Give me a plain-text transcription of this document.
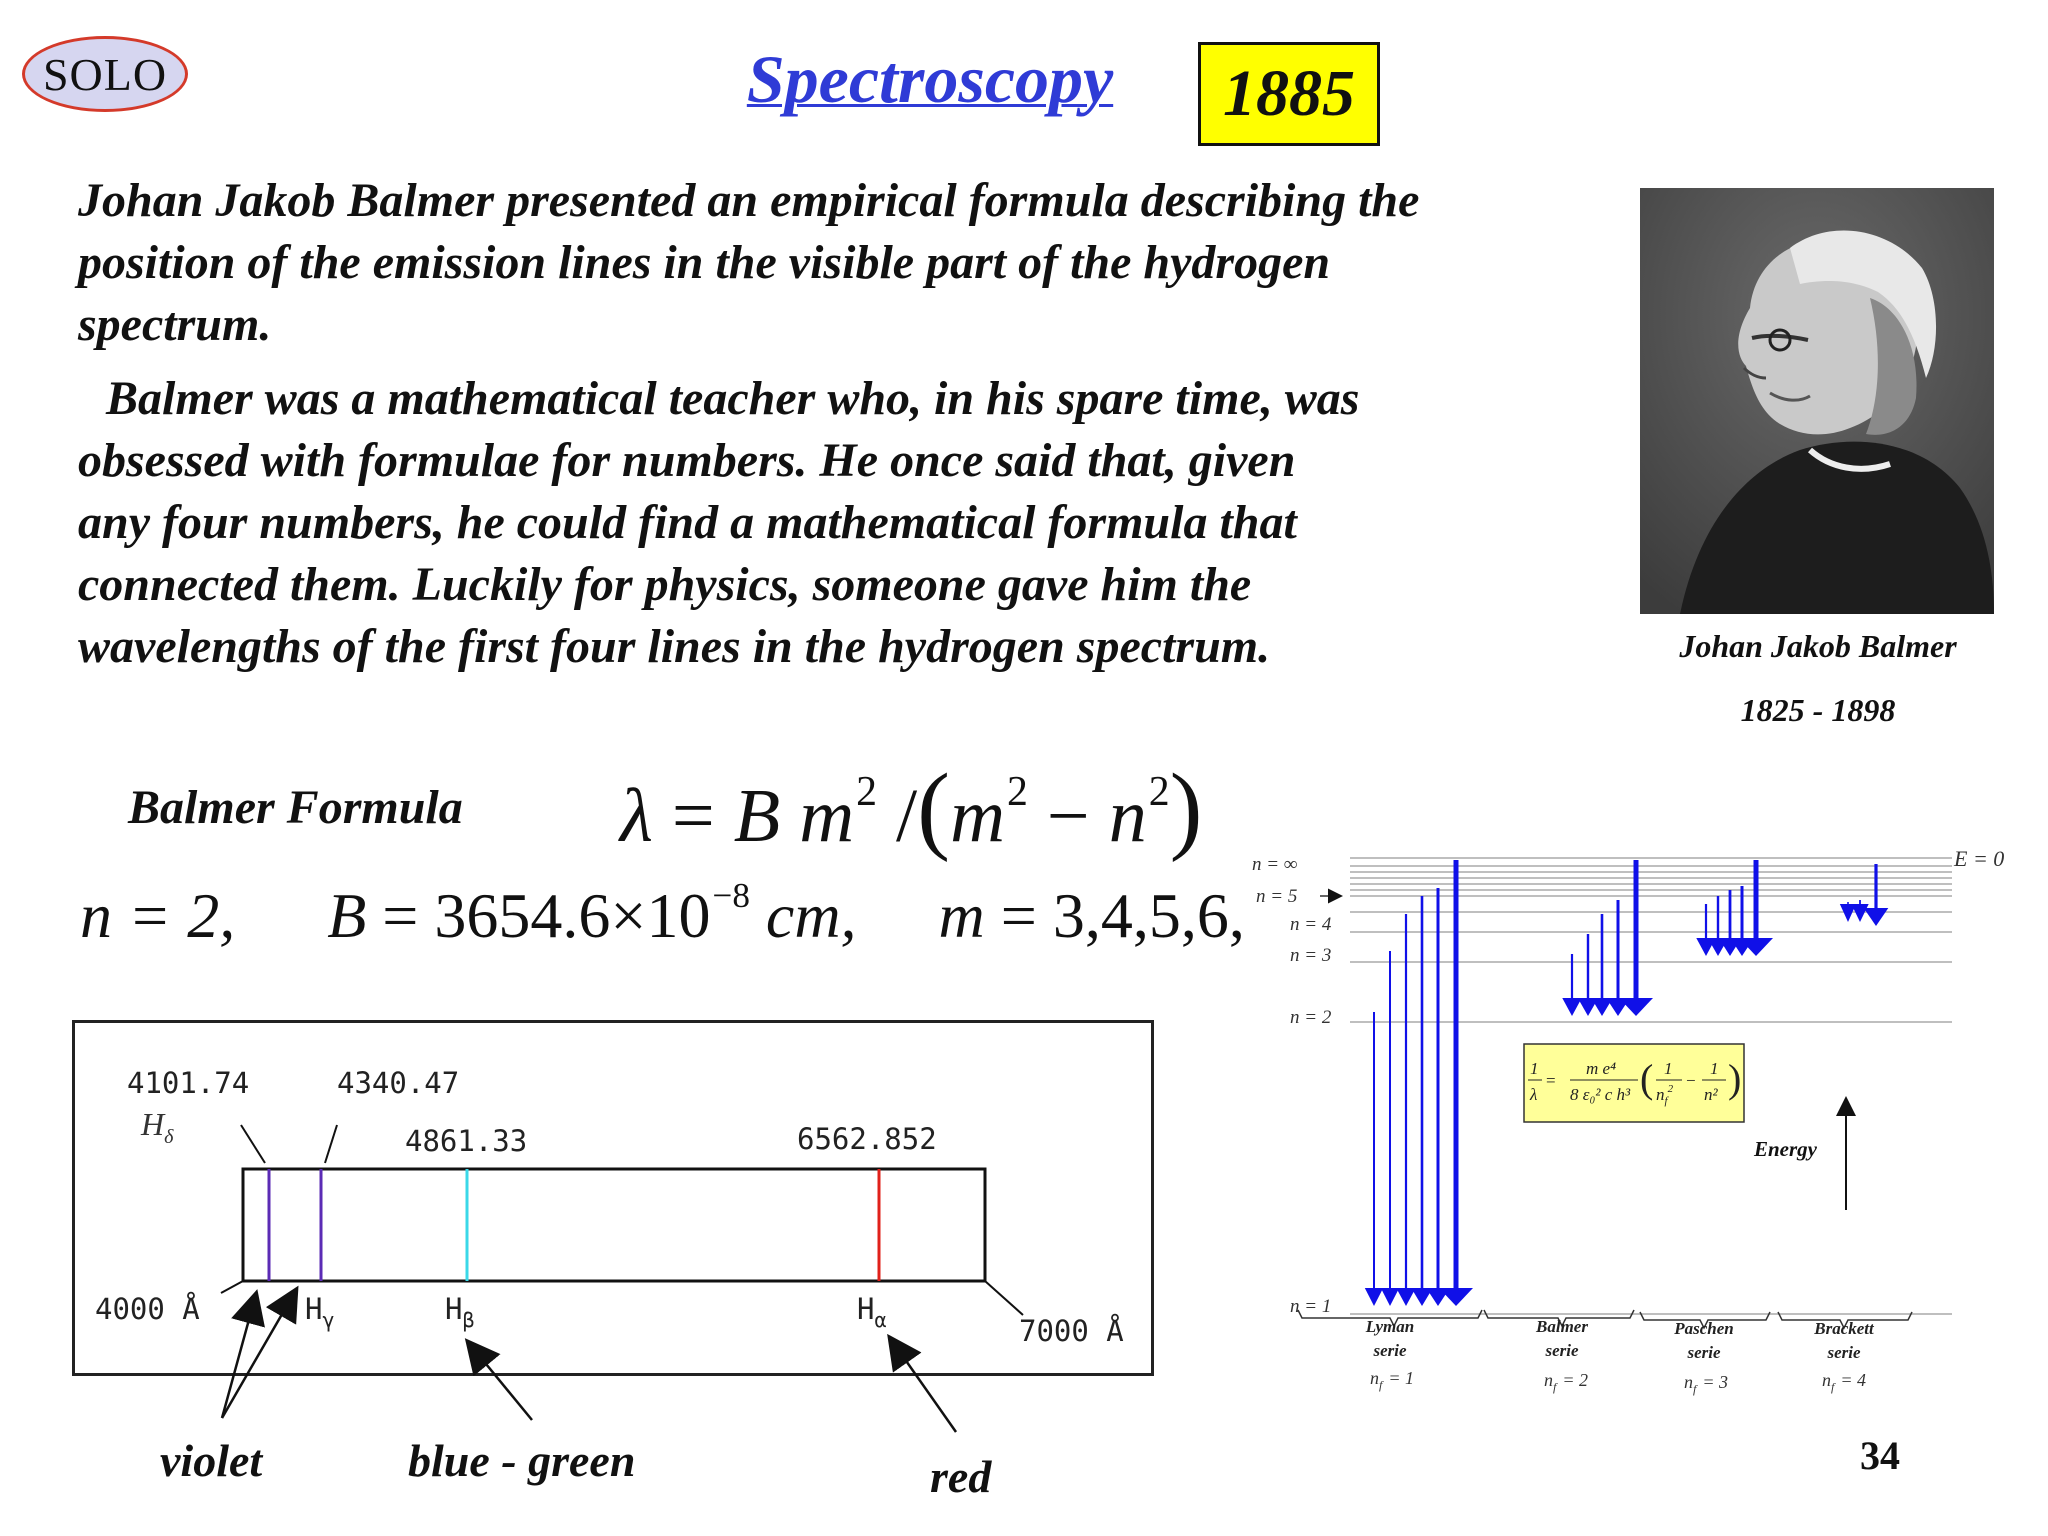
SOLO	Spectroscopy	1885

Johan Jakob Balmer presented an empirical formula describing the position of the emission lines in the visible part of the hydrogen spectrum.

Balmer was a mathematical teacher who, in his spare time, was
obsessed with formulae for numbers. He once said that, given
any four numbers, he could find a mathematical formula that
connected them. Luckily for physics, someone gave him the
wavelengths of the first four lines in the hydrogen spectrum.	Johan Jakob Balmer
1825 - 1898
Balmer Formula λ = B $m^2$ $/(m^2 - n^2)$
n = 2, $B = 3654.6\times 10^{-8}$ cm, m = 3,4,5,6,
4101.74	4340.47
4861.33	6562.852
$H_\delta$
4000 Å
7000 Å
$H_\gamma$	$H_\beta$	$H_\alpha$
violet	blue - green	red
n = ∞
n = 5
n = 4
n = 3
n = 2
n = 1
E = 0
Energy
1
λ
=
m e⁴
8 ε₀² c h³ ( 1
$n_f^2$ −
1
n² )
Lyman
serie
Balmer
serie
Paschen
serie
Brackett
serie
$n_f = 1$	$n_f = 2$	$n_f = 3$	$n_f = 4$
34
